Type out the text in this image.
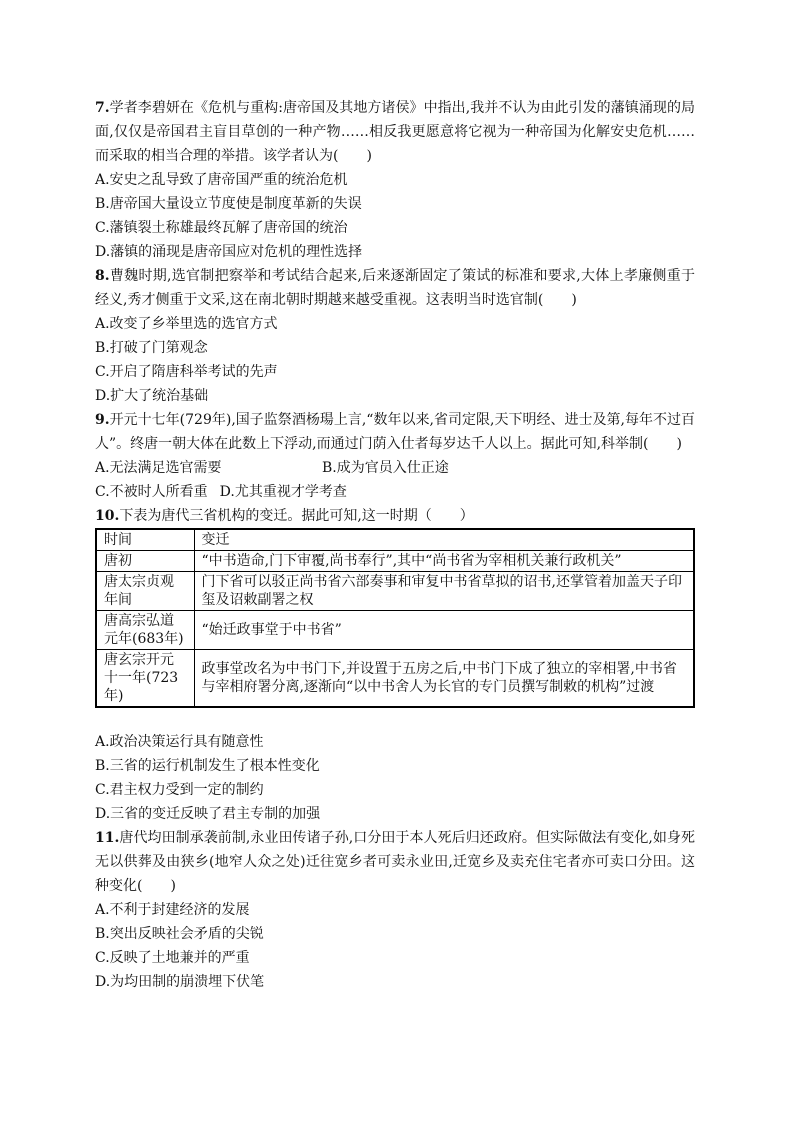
7.学者李碧妍在《危机与重构:唐帝国及其地方诸侯》中指出,我并不认为由此引发的藩镇涌现的局面,仅仅是帝国君主盲目草创的一种产物……相反我更愿意将它视为一种帝国为化解安史危机……而采取的相当合理的举措。该学者认为(　　)

A.安史之乱导致了唐帝国严重的统治危机
B.唐帝国大量设立节度使是制度革新的失误
C.藩镇裂土称雄最终瓦解了唐帝国的统治
D.藩镇的涌现是唐帝国应对危机的理性选择

8.曹魏时期,选官制把察举和考试结合起来,后来逐渐固定了策试的标准和要求,大体上孝廉侧重于经义,秀才侧重于文采,这在南北朝时期越来越受重视。这表明当时选官制(　　)

A.改变了乡举里选的选官方式
B.打破了门第观念
C.开启了隋唐科举考试的先声
D.扩大了统治基础

9.开元十七年(729年),国子监祭酒杨瑒上言,“数年以来,省司定限,天下明经、进士及第,每年不过百人”。终唐一朝大体在此数上下浮动,而通过门荫入仕者每岁达千人以上。据此可知,科举制(　　)

A.无法满足选官需要	B.成为官员入仕正途
C.不被时人所看重 D.尤其重视才学考查

10.下表为唐代三省机构的变迁。据此可知,这一时期（　　）

时间	变迁
唐初	“中书造命,门下审覆,尚书奉行”,其中“尚书省为宰相机关兼行政机关”
唐太宗贞观年间	门下省可以驳正尚书省六部奏事和审复中书省草拟的诏书,还掌管着加盖天子印玺及诏敕副署之权
唐高宗弘道元年(683年)	“始迁政事堂于中书省”
唐玄宗开元十一年(723年)	政事堂改名为中书门下,并设置于五房之后,中书门下成了独立的宰相署,中书省与宰相府署分离,逐渐向“以中书舍人为长官的专门员撰写制敕的机构”过渡
A.政治决策运行具有随意性
B.三省的运行机制发生了根本性变化
C.君主权力受到一定的制约
D.三省的变迁反映了君主专制的加强

11.唐代均田制承袭前制,永业田传诸子孙,口分田于本人死后归还政府。但实际做法有变化,如身死无以供葬及由狭乡(地窄人众之处)迁往宽乡者可卖永业田,迁宽乡及卖充住宅者亦可卖口分田。这种变化(　　)

A.不利于封建经济的发展
B.突出反映社会矛盾的尖锐
C.反映了土地兼并的严重
D.为均田制的崩溃埋下伏笔
